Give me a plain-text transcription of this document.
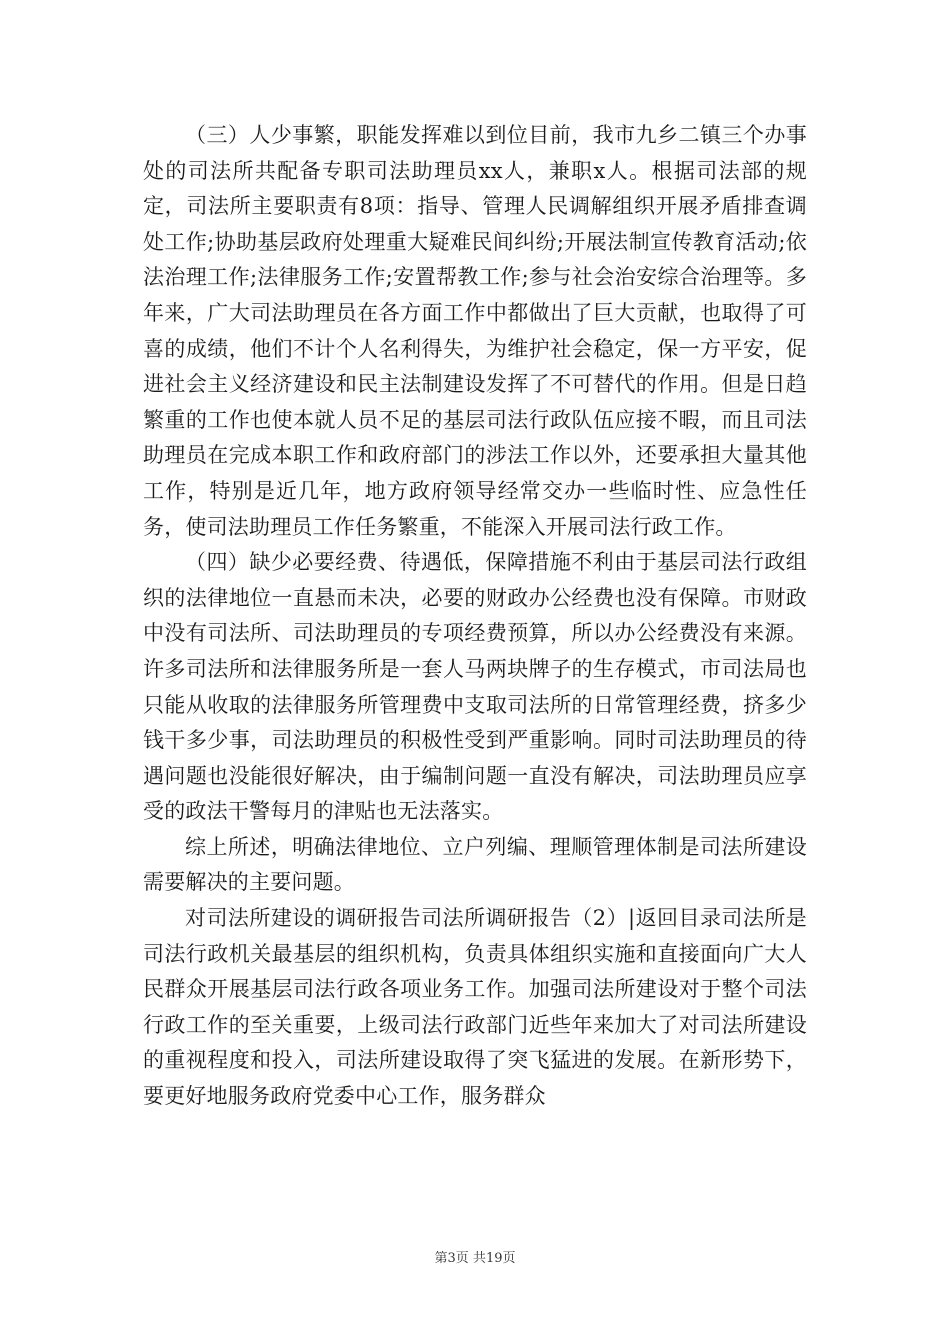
（三）人少事繁，职能发挥难以到位目前，我市九乡二镇三个办事处的司法所共配备专职司法助理员xx人，兼职x人。根据司法部的规定，司法所主要职责有8项：指导、管理人民调解组织开展矛盾排查调处工作;协助基层政府处理重大疑难民间纠纷;开展法制宣传教育活动;依法治理工作;法律服务工作;安置帮教工作;参与社会治安综合治理等。多年来，广大司法助理员在各方面工作中都做出了巨大贡献，也取得了可喜的成绩，他们不计个人名利得失，为维护社会稳定，保一方平安，促进社会主义经济建设和民主法制建设发挥了不可替代的作用。但是日趋繁重的工作也使本就人员不足的基层司法行政队伍应接不暇，而且司法助理员在完成本职工作和政府部门的涉法工作以外，还要承担大量其他工作，特别是近几年，地方政府领导经常交办一些临时性、应急性任务，使司法助理员工作任务繁重，不能深入开展司法行政工作。

（四）缺少必要经费、待遇低，保障措施不利由于基层司法行政组织的法律地位一直悬而未决，必要的财政办公经费也没有保障。市财政中没有司法所、司法助理员的专项经费预算，所以办公经费没有来源。许多司法所和法律服务所是一套人马两块牌子的生存模式，市司法局也只能从收取的法律服务所管理费中支取司法所的日常管理经费，挤多少钱干多少事，司法助理员的积极性受到严重影响。同时司法助理员的待遇问题也没能很好解决，由于编制问题一直没有解决，司法助理员应享受的政法干警每月的津贴也无法落实。

综上所述，明确法律地位、立户列编、理顺管理体制是司法所建设需要解决的主要问题。

对司法所建设的调研报告司法所调研报告（2）|返回目录司法所是司法行政机关最基层的组织机构，负责具体组织实施和直接面向广大人民群众开展基层司法行政各项业务工作。加强司法所建设对于整个司法行政工作的至关重要，上级司法行政部门近些年来加大了对司法所建设的重视程度和投入，司法所建设取得了突飞猛进的发展。在新形势下，要更好地服务政府党委中心工作，服务群众

第3页 共19页
